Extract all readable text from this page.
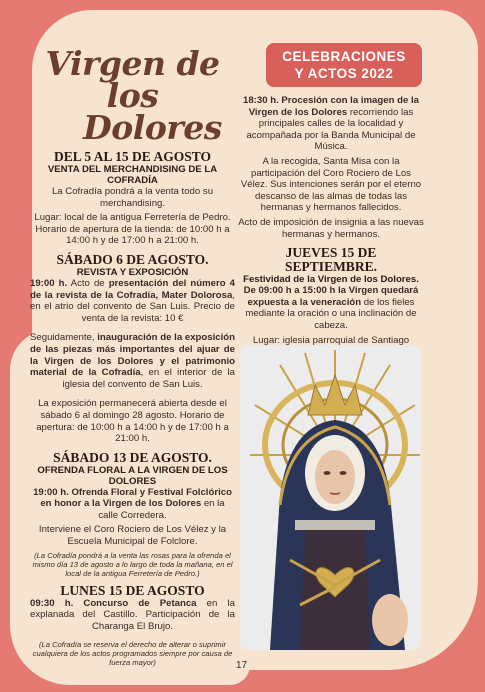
Virgen de los
Dolores
DEL 5 AL 15 DE AGOSTO
VENTA DEL MERCHANDISING DE LA COFRADÍA

La Cofradía pondrá a la venta todo su merchandising.

Lugar: local de la antigua Ferretería de Pedro. Horario de apertura de la tienda: de 10:00 h a 14:00 h y de 17:00 h a 21:00 h.

SÁBADO 6 DE AGOSTO.
REVISTA Y EXPOSICIÓN

19:00 h. Acto de presentación del número 4 de la revista de la Cofradía, Mater Dolorosa, en el atrio del convento de San Luis. Precio de venta de la revista: 10 €

Seguidamente, inauguración de la exposición de las piezas más importantes del ajuar de la Virgen de los Dolores y el patrimonio material de la Cofradía, en el interior de la iglesia del convento de San Luis.

La exposición permanecerá abierta desde el sábado 6 al domingo 28 agosto. Horario de apertura: de 10:00 h a 14:00 h y de 17:00 h a 21:00 h.

SÁBADO 13 DE AGOSTO.
OFRENDA FLORAL A LA VIRGEN DE LOS DOLORES

19:00 h. Ofrenda Floral y Festival Folclórico en honor a la Virgen de los Dolores en la calle Corredera.

Interviene el Coro Rociero de Los Vélez y la Escuela Municipal de Folclore.

(La Cofradía pondrá a la venta las rosas para la ofrenda el mismo día 13 de agosto a lo largo de toda la mañana, en el local de la antigua Ferretería de Pedro.)

LUNES 15 DE AGOSTO

09:30 h. Concurso de Petanca en la explanada del Castillo. Participación de la Charanga El Brujo.

(La Cofradía se reserva el derecho de alterar o suprimir cualquiera de los actos programados siempre por causa de fuerza mayor)

CELEBRACIONES
Y ACTOS 2022

18:30 h. Procesión con la imagen de la Virgen de los Dolores recorriendo las principales calles de la localidad y acompañada por la Banda Municipal de Música.

A la recogida, Santa Misa con la participación del Coro Rociero de Los Vélez. Sus intenciones serán por el eterno descanso de las almas de todas las hermanas y hermanos fallecidos.

Acto de imposición de insignia a las nuevas hermanas y hermanos.

JUEVES 15 DE SEPTIEMBRE.
Festividad de la Virgen de los Dolores.

De 09:00 h a 15:00 h la Virgen quedará expuesta a la veneración de los fieles mediante la oración o una inclinación de cabeza.

Lugar: iglesia parroquial de Santiago

17
